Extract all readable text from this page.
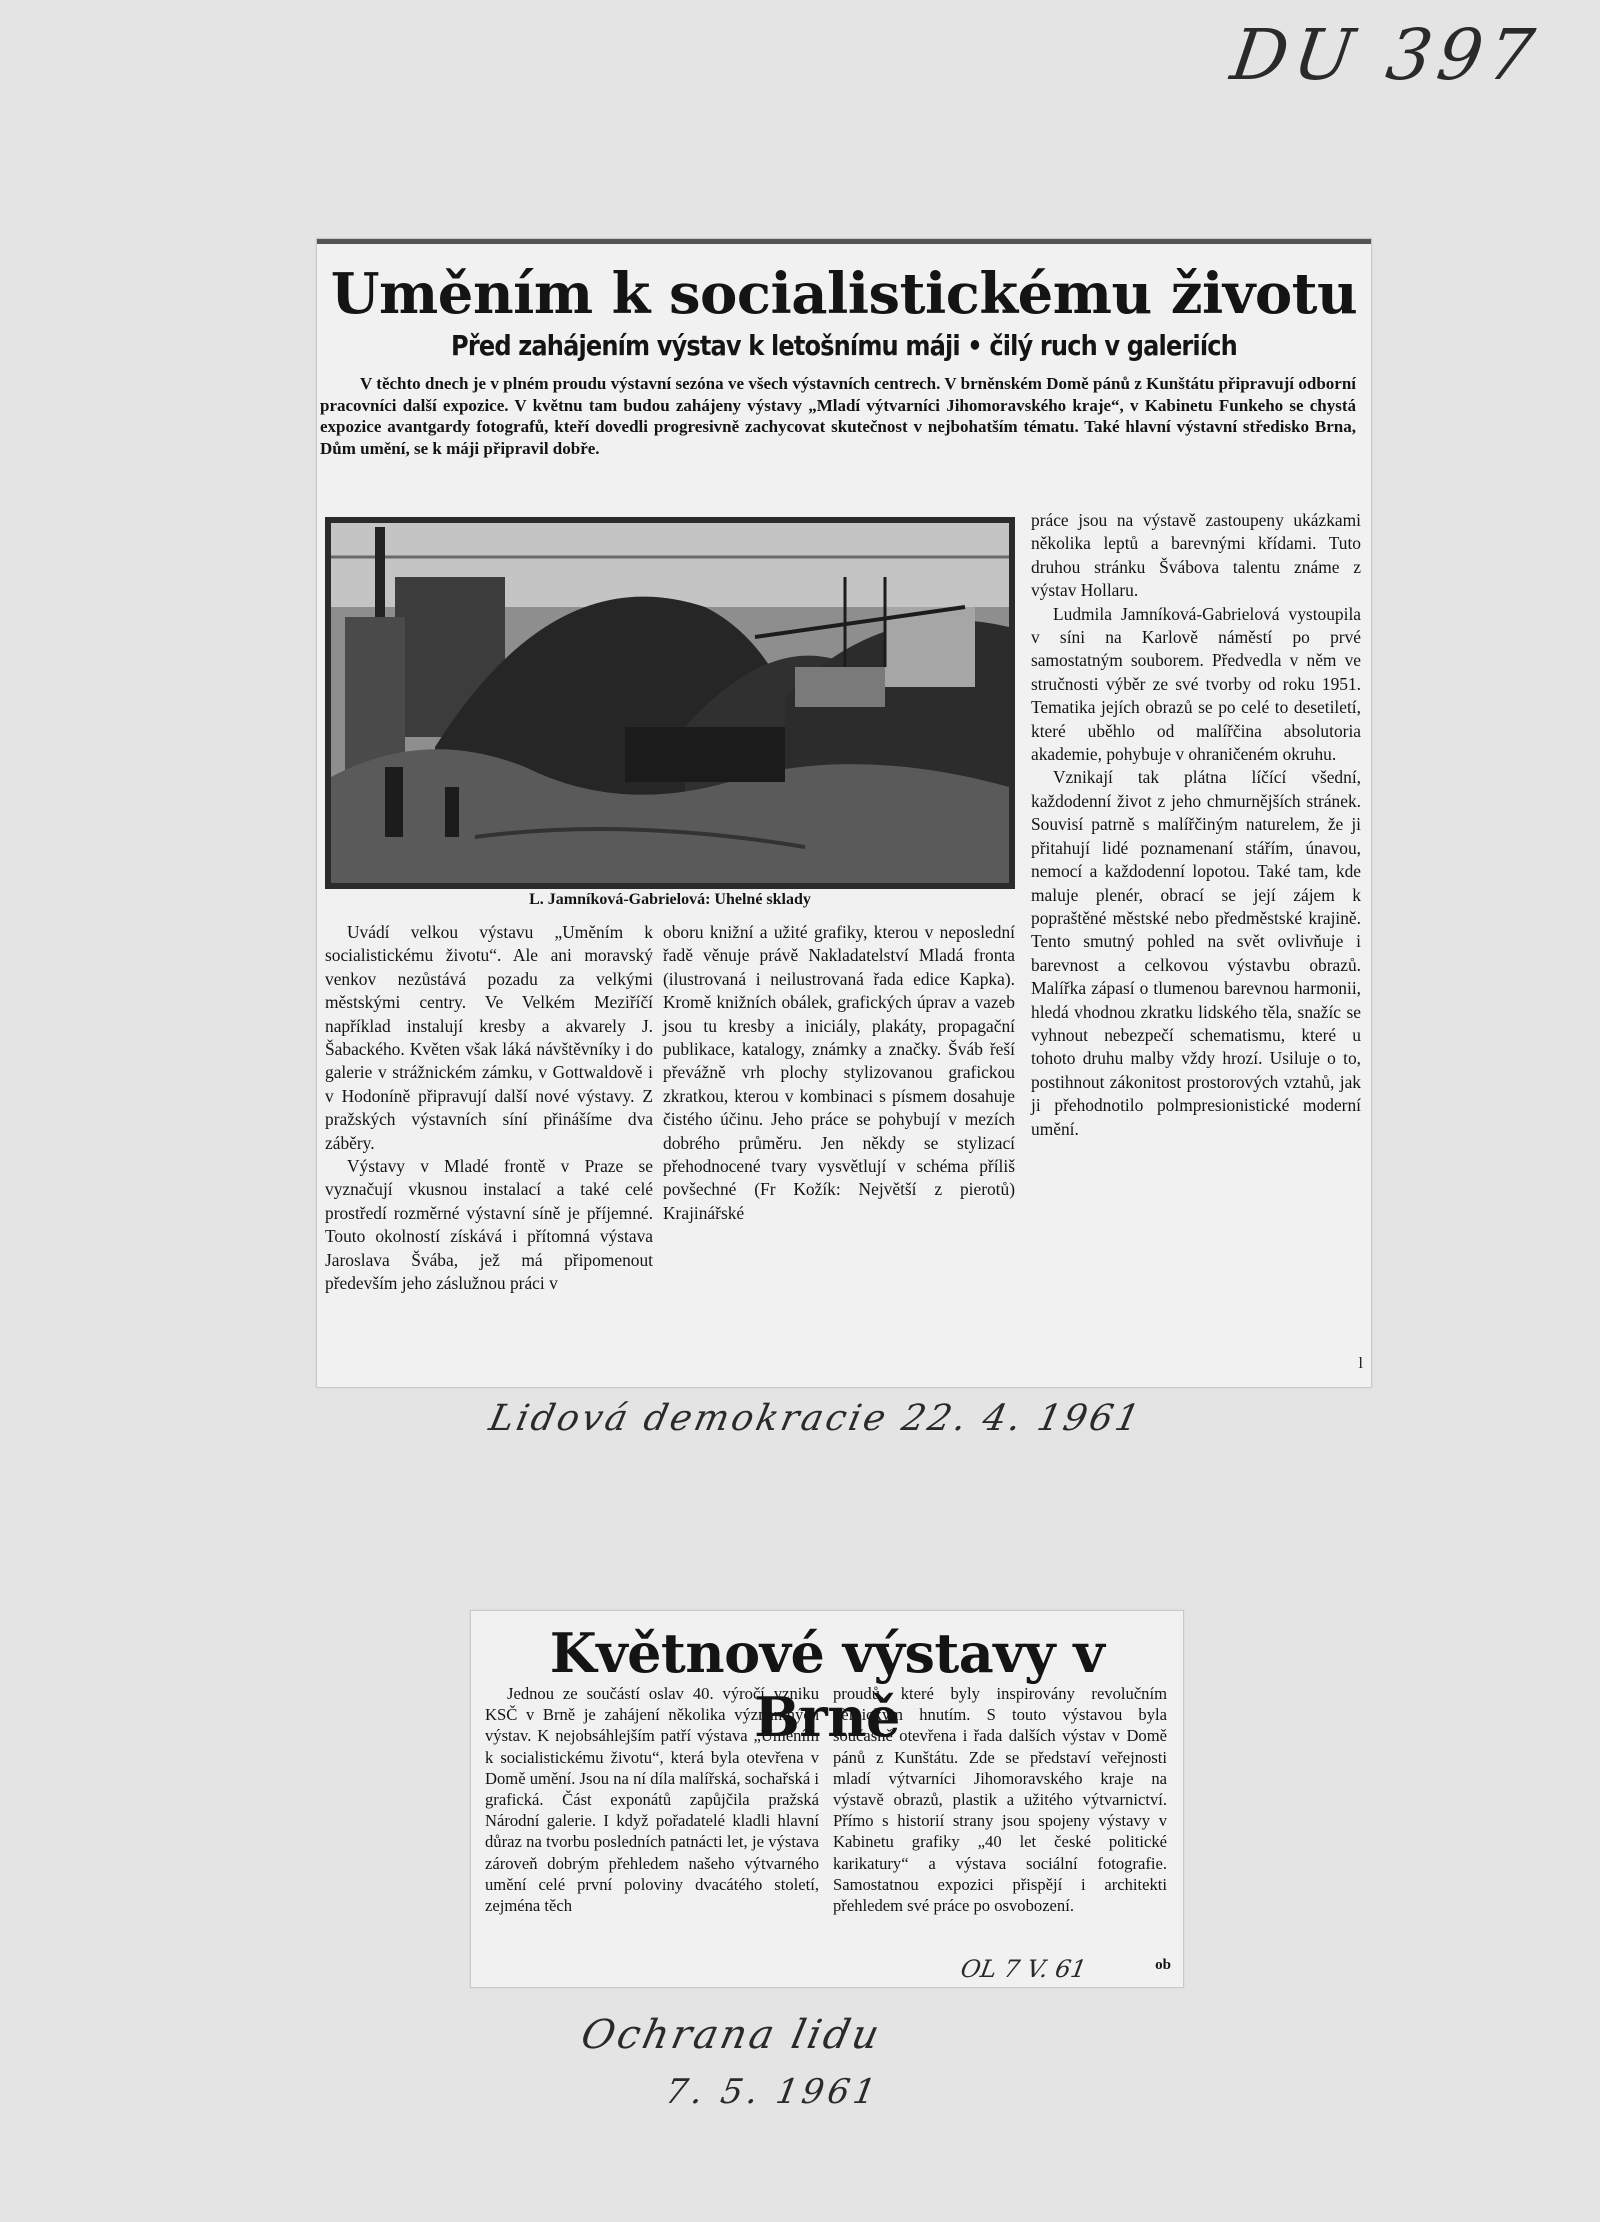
DU 397
Uměním k socialistickému životu
Před zahájením výstav k letošnímu máji • čilý ruch v galeriích
V těchto dnech je v plném proudu výstavní sezóna ve všech výstavních centrech. V brněnském Domě pánů z Kunštátu připravují odborní pracovníci další expozice. V květnu tam budou zahájeny výstavy „Mladí výtvarníci Jihomoravského kraje“, v Kabinetu Funkeho se chystá expozice avantgardy fotografů, kteří dovedli progresivně zachycovat skutečnost v nejbohatším tématu. Také hlavní výstavní středisko Brna, Dům umění, se k máji připravil dobře.
L. Jamníková-Gabrielová: Uhelné sklady

Uvádí velkou výstavu „Uměním k socialistickému životu“. Ale ani moravský venkov nezůstává pozadu za velkými městskými centry. Ve Velkém Meziříčí například instalují kresby a akvarely J. Šabackého. Květen však láká návštěvníky i do galerie v strážnickém zámku, v Gottwaldově i v Hodoníně připravují další nové výstavy. Z pražských výstavních síní přinášíme dva záběry.

Výstavy v Mladé frontě v Praze se vyznačují vkusnou instalací a také celé prostředí rozměrné výstavní síně je příjemné. Touto okolností získává i přítomná výstava Jaroslava Švába, jež má připomenout především jeho záslužnou práci v

oboru knižní a užité grafiky, kterou v neposlední řadě věnuje právě Nakladatelství Mladá fronta (ilustrovaná i neilustrovaná řada edice Kapka). Kromě knižních obálek, grafických úprav a vazeb jsou tu kresby a iniciály, plakáty, propagační publikace, katalogy, známky a značky. Šváb řeší převážně vrh plochy stylizovanou grafickou zkratkou, kterou v kombinaci s písmem dosahuje čistého účinu. Jeho práce se pohybují v mezích dobrého průměru. Jen někdy se stylizací přehodnocené tvary vysvětlují v schéma příliš povšechné (Fr Kožík: Největší z pierotů) Krajinářské

práce jsou na výstavě zastoupeny ukázkami několika leptů a barevnými křídami. Tuto druhou stránku Švábova talentu známe z výstav Hollaru.

Ludmila Jamníková-Gabrielová vystoupila v síni na Karlově náměstí po prvé samostatným souborem. Předvedla v něm ve stručnosti výběr ze své tvorby od roku 1951. Tematika jejích obrazů se po celé to desetiletí, které uběhlo od malířčina absolutoria akademie, pohybuje v ohraničeném okruhu.

Vznikají tak plátna líčící všední, každodenní život z jeho chmurnějších stránek. Souvisí patrně s malířčiným naturelem, že ji přitahují lidé poznamenaní stářím, únavou, nemocí a každodenní lopotou. Také tam, kde maluje plenér, obrací se její zájem k popraštěné městské nebo předměstské krajině. Tento smutný pohled na svět ovlivňuje i barevnost a celkovou výstavbu obrazů. Malířka zápasí o tlumenou barevnou harmonii, hledá vhodnou zkratku lidského těla, snažíc se vyhnout nebezpečí schematismu, které u tohoto druhu malby vždy hrozí. Usiluje o to, postihnout zákonitost prostorových vztahů, jak ji přehodnotilo polmpresionistické moderní umění.

l
Lidová demokracie 22. 4. 1961
Květnové výstavy v Brně

Jednou ze součástí oslav 40. výročí vzniku KSČ v Brně je zahájení několika významných výstav. K nejobsáhlejším patří výstava „Uměním k socialistickému životu“, která byla otevřena v Domě umění. Jsou na ní díla malířská, sochařská i grafická. Část exponátů zapůjčila pražská Národní galerie. I když pořadatelé kladli hlavní důraz na tvorbu posledních patnácti let, je výstava zároveň dobrým přehledem našeho výtvarného umění celé první poloviny dvacátého století, zejména těch

proudů, které byly inspirovány revolučním dělnickým hnutím. S touto výstavou byla současně otevřena i řada dalších výstav v Domě pánů z Kunštátu. Zde se představí veřejnosti mladí výtvarníci Jihomoravského kraje na výstavě obrazů, plastik a užitého výtvarnictví. Přímo s historií strany jsou spojeny výstavy v Kabinetu grafiky „40 let české politické karikatury“ a výstava sociální fotografie. Samostatnou expozici přispějí i architekti přehledem své práce po osvobození.

OL 7 V. 61	ob
Ochrana lidu
7. 5. 1961
